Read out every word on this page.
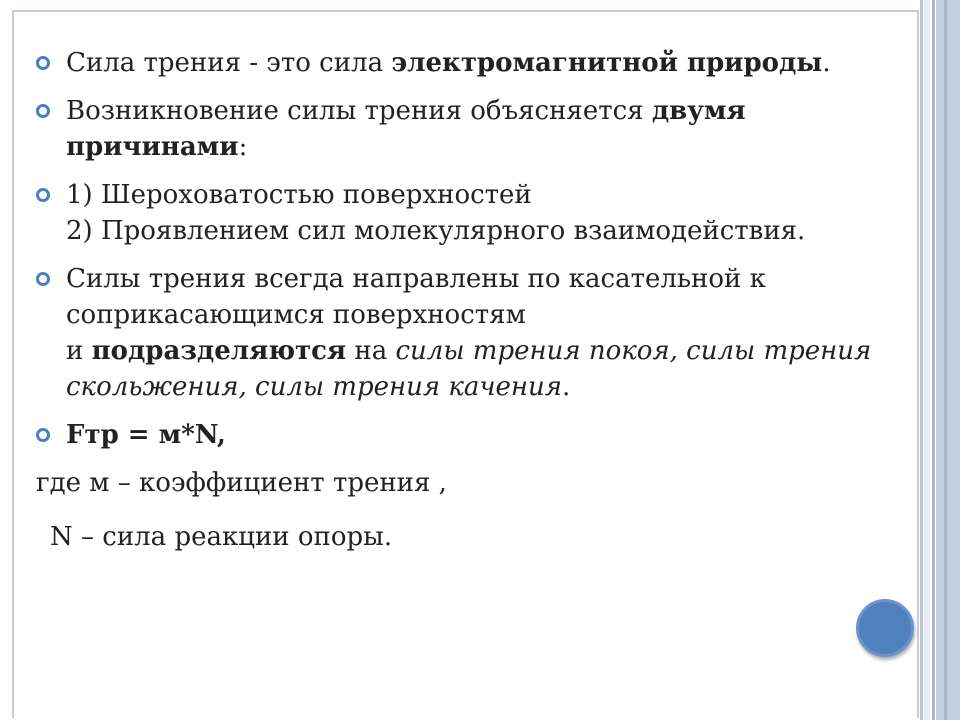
Сила трения - это сила электромагнитной природы.
Возникновение силы трения объясняется двумя причинами:
1) Шероховатостью поверхностей
2) Проявлением сил молекулярного взаимодействия.
Силы трения всегда направлены по касательной к соприкасающимся поверхностям
и подразделяются на силы трения покоя, силы трения скольжения, силы трения качения.
Fтр = м*N,
где м – коэффициент трения ,
N – сила реакции опоры.
